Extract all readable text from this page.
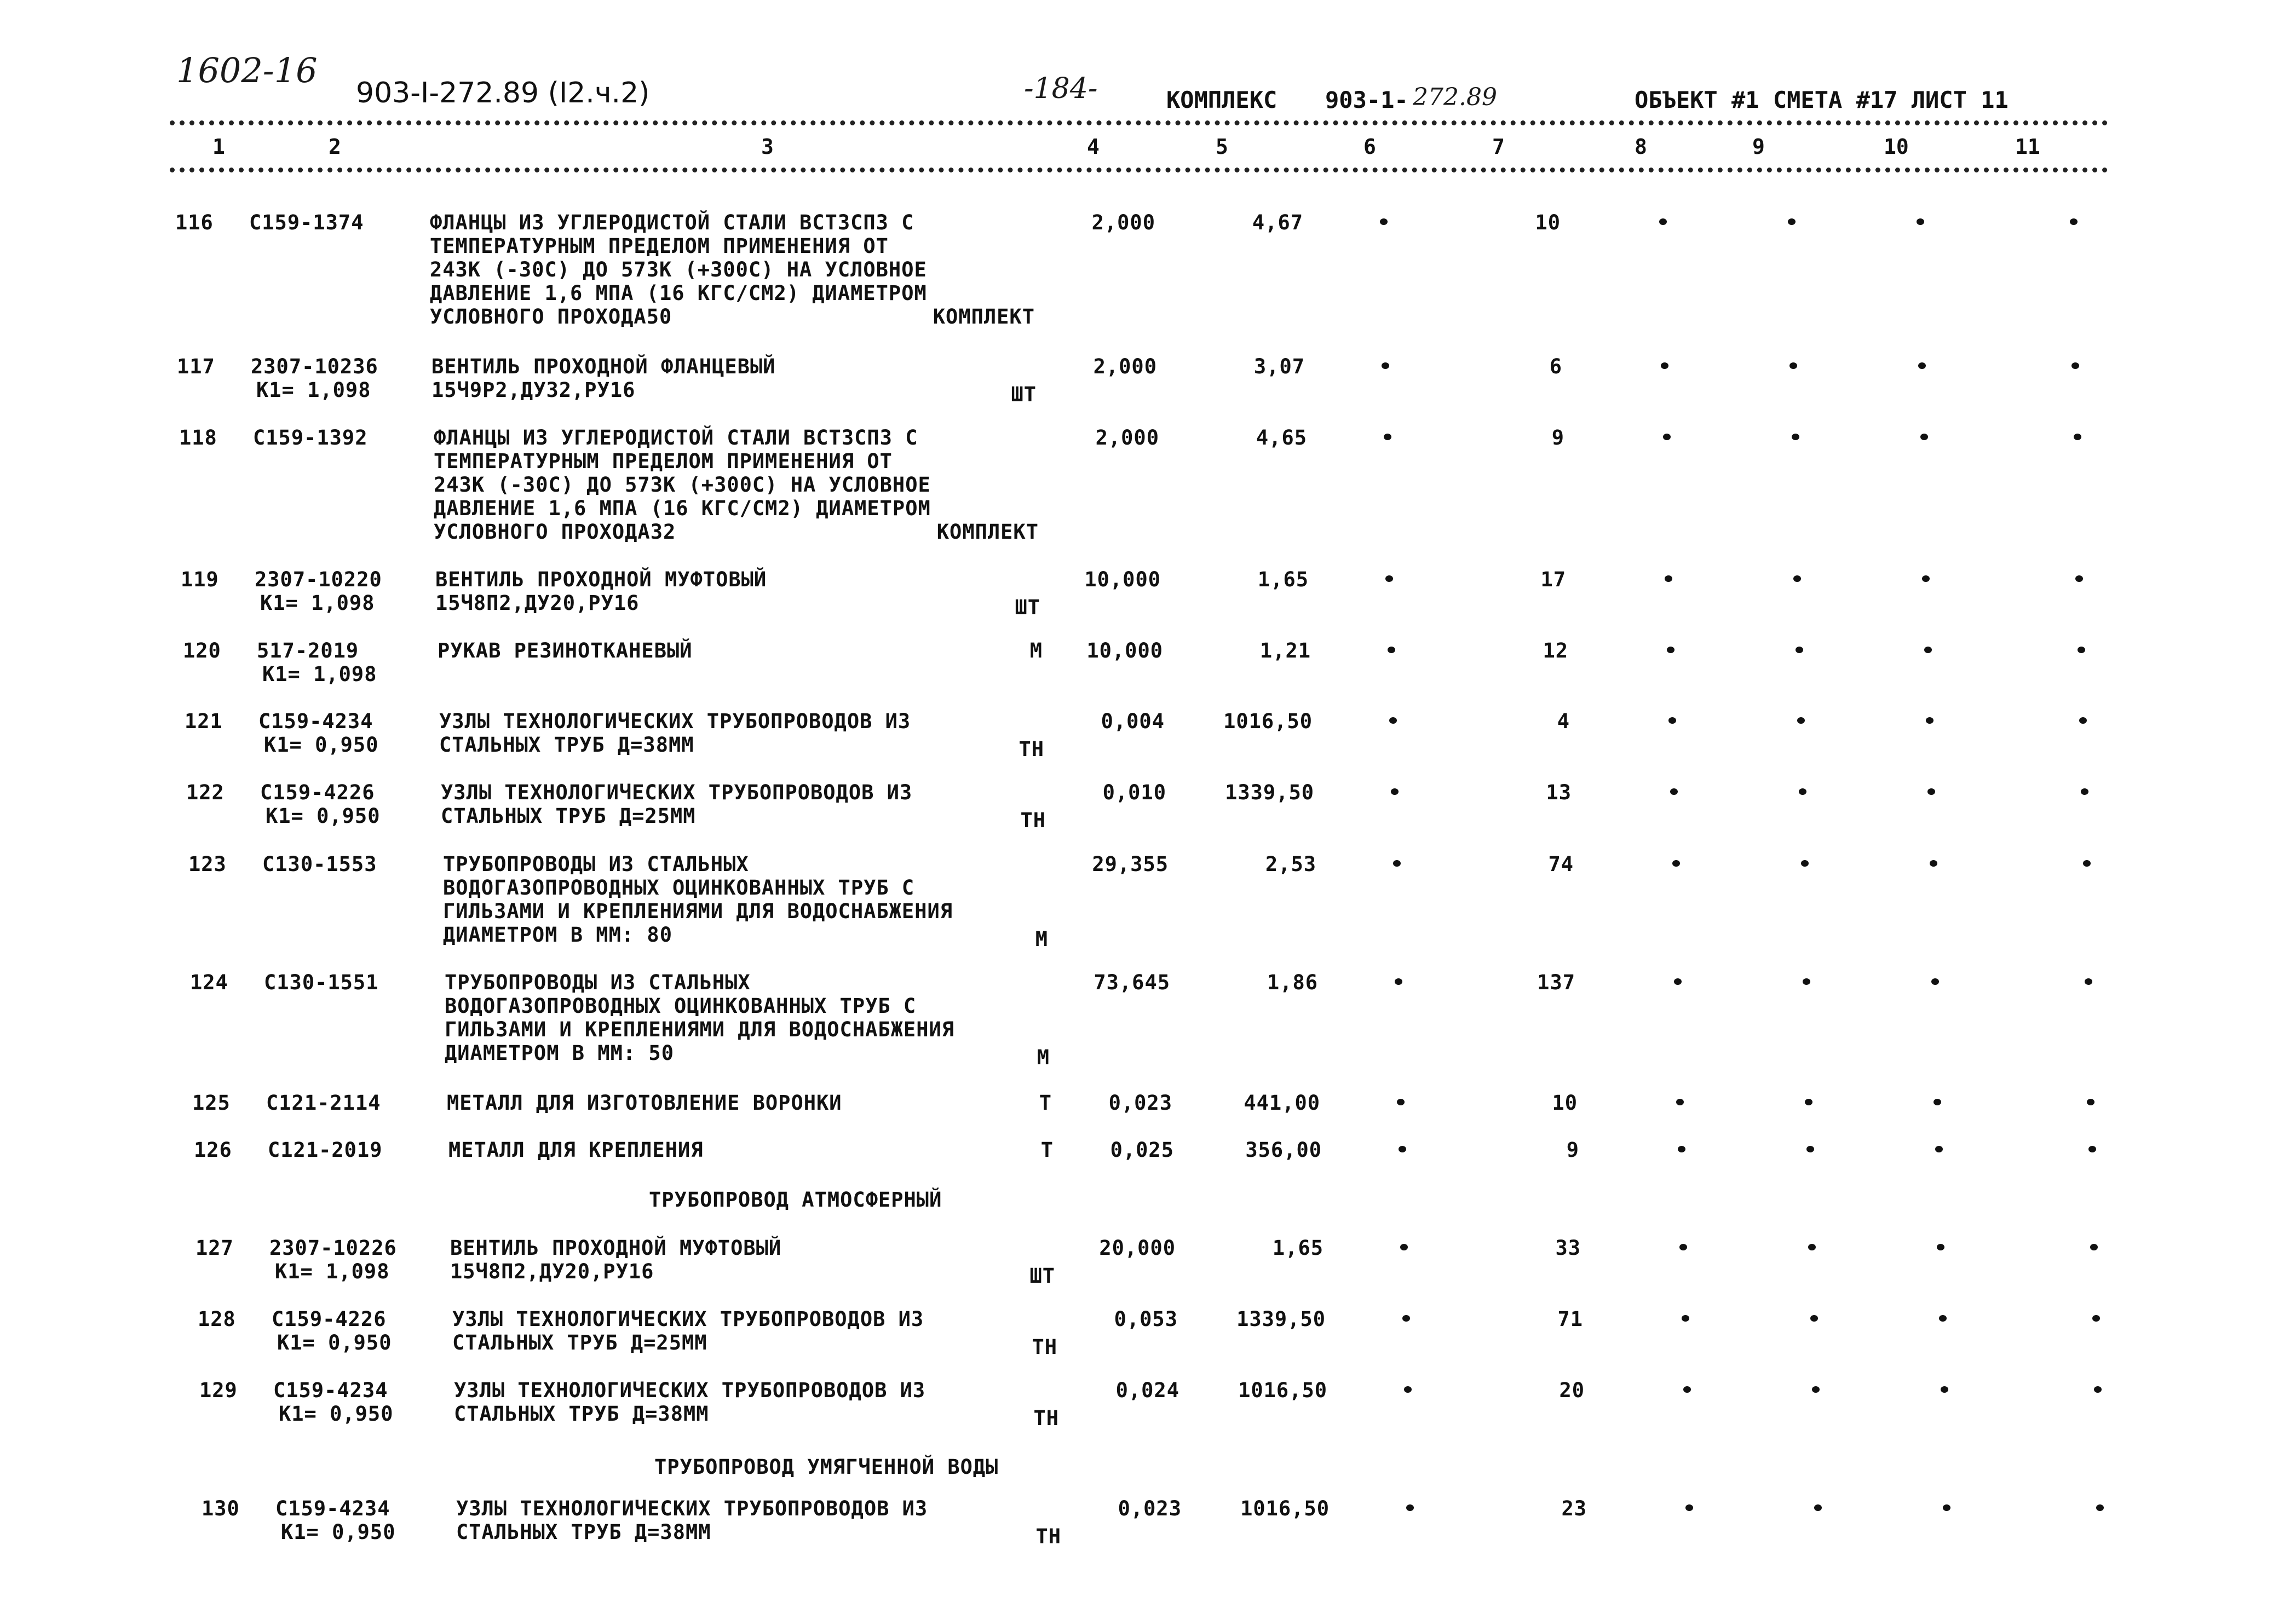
1602-16
903-I-272.89 (I2.ч.2)	-184-	КОМПЛЕКС 903-1- 272.89	ОБЪЕКТ #1 СМЕТА #17 ЛИСТ 11
1	2	3	4	5	6	7	8	9	10	11
116 С159-1374	ФЛАНЦЫ ИЗ УГЛЕРОДИСТОЙ СТАЛИ ВСТ3СП3 С
ТЕМПЕРАТУРНЫМ ПРЕДЕЛОМ ПРИМЕНЕНИЯ ОТ
243К (-30С) ДО 573К (+300С) НА УСЛОВНОЕ
ДАВЛЕНИЕ 1,6 МПА (16 КГС/СМ2) ДИАМЕТРОМ
УСЛОВНОГО ПРОХОДА50	КОМПЛЕКТ
2,000	4,67	10
117 2307-10236
К1= 1,098
ВЕНТИЛЬ ПРОХОДНОЙ ФЛАНЦЕВЫЙ
15Ч9Р2,ДУ32,РУ16	ШТ
2,000	3,07	6
118 С159-1392	ФЛАНЦЫ ИЗ УГЛЕРОДИСТОЙ СТАЛИ ВСТ3СП3 С
ТЕМПЕРАТУРНЫМ ПРЕДЕЛОМ ПРИМЕНЕНИЯ ОТ
243К (-30С) ДО 573К (+300С) НА УСЛОВНОЕ
ДАВЛЕНИЕ 1,6 МПА (16 КГС/СМ2) ДИАМЕТРОМ
УСЛОВНОГО ПРОХОДА32	КОМПЛЕКТ
2,000	4,65	9
119 2307-10220
К1= 1,098
ВЕНТИЛЬ ПРОХОДНОЙ МУФТОВЫЙ
15Ч8П2,ДУ20,РУ16	ШТ
10,000	1,65	17
120 517-2019
К1= 1,098
РУКАВ РЕЗИНОТКАНЕВЫЙ	М	10,000	1,21	12
121 С159-4234
К1= 0,950
УЗЛЫ ТЕХНОЛОГИЧЕСКИХ ТРУБОПРОВОДОВ ИЗ
СТАЛЬНЫХ ТРУБ Д=38ММ	ТН
0,004	1016,50	4
122 С159-4226
К1= 0,950
УЗЛЫ ТЕХНОЛОГИЧЕСКИХ ТРУБОПРОВОДОВ ИЗ
СТАЛЬНЫХ ТРУБ Д=25ММ	ТН
0,010	1339,50	13
123 С130-1553	ТРУБОПРОВОДЫ ИЗ СТАЛЬНЫХ
ВОДОГАЗОПРОВОДНЫХ ОЦИНКОВАННЫХ ТРУБ С
ГИЛЬЗАМИ И КРЕПЛЕНИЯМИ ДЛЯ ВОДОСНАБЖЕНИЯ
ДИАМЕТРОМ В ММ: 80	М
29,355	2,53	74
124 С130-1551	ТРУБОПРОВОДЫ ИЗ СТАЛЬНЫХ
ВОДОГАЗОПРОВОДНЫХ ОЦИНКОВАННЫХ ТРУБ С
ГИЛЬЗАМИ И КРЕПЛЕНИЯМИ ДЛЯ ВОДОСНАБЖЕНИЯ
ДИАМЕТРОМ В ММ: 50	М
73,645	1,86	137
125 С121-2114	МЕТАЛЛ ДЛЯ ИЗГОТОВЛЕНИЕ ВОРОНКИ	Т	0,023	441,00	10
126 С121-2019	МЕТАЛЛ ДЛЯ КРЕПЛЕНИЯ	Т	0,025	356,00	9
127 2307-10226
К1= 1,098
ВЕНТИЛЬ ПРОХОДНОЙ МУФТОВЫЙ
15Ч8П2,ДУ20,РУ16	ШТ
20,000	1,65	33
128 С159-4226
К1= 0,950
УЗЛЫ ТЕХНОЛОГИЧЕСКИХ ТРУБОПРОВОДОВ ИЗ
СТАЛЬНЫХ ТРУБ Д=25ММ	ТН
0,053	1339,50	71
129 С159-4234
К1= 0,950
УЗЛЫ ТЕХНОЛОГИЧЕСКИХ ТРУБОПРОВОДОВ ИЗ
СТАЛЬНЫХ ТРУБ Д=38ММ	ТН
0,024	1016,50	20
130 С159-4234
К1= 0,950
УЗЛЫ ТЕХНОЛОГИЧЕСКИХ ТРУБОПРОВОДОВ ИЗ
СТАЛЬНЫХ ТРУБ Д=38ММ	ТН
0,023	1016,50	23
ТРУБОПРОВОД АТМОСФЕРНЫЙ
ТРУБОПРОВОД УМЯГЧЕННОЙ ВОДЫ
